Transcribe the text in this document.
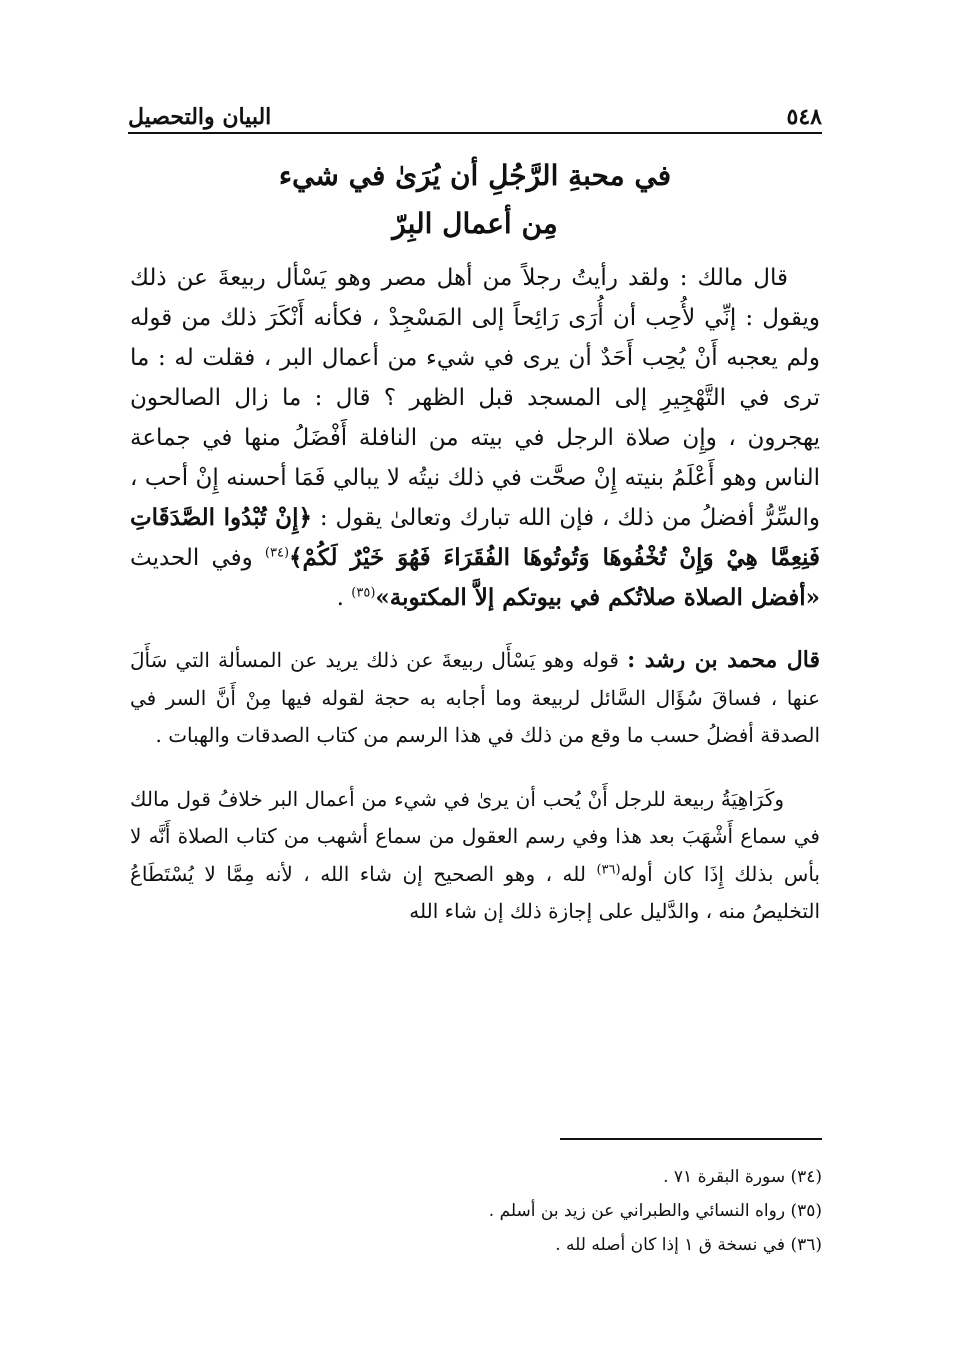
٥٤٨
البيان والتحصيل
في محبةِ الرَّجُلِ أن يُرَىٰ في شيء
مِن أعمال البِرّ

قال مالك : ولقد رأيتُ رجلاً من أهل مصر وهو يَسْأل ربيعةَ عن ذلك ويقول : إنِّي لأُحِب أن أُرَى رَائِحاً إلى المَسْجِدْ ، فكأنه أَنْكَرَ ذلك من قوله ولم يعجبه أَنْ يُحِب أَحَدٌ أن يرى في شيء من أعمال البر ، فقلت له : ما ترى في التَّهْجِيرِ إلى المسجد قبل الظهر ؟ قال : ما زال الصالحون يهجرون ، وإِن صلاة الرجل في بيته من النافلة أَفْضَلُ منها في جماعة الناس وهو أَعْلَمُ بنيته إِنْ صحَّت في ذلك نيتُه لا يبالي فَمَا أحسنه إِنْ أحب ، والسِّرُّ أفضلُ من ذلك ، فإن الله تبارك وتعالىٰ يقول : ﴿إِنْ تُبْدُوا الصَّدَقَاتِ فَنِعِمَّا هِيْ وَإِنْ تُخْفُوهَا وَتُوتُوهَا الفُقَرَاءَ فَهُوَ خَيْرٌ لَكُمْ﴾$^{(٣٤)}$ وفي الحديث «أفضل الصلاة صلاتُكم في بيوتكم إلاَّ المكتوبة»$^{(٣٥)}$ .

قال محمد بن رشد : قوله وهو يَسْأَل ربيعةَ عن ذلك يريد عن المسألة التي سَأَلَ عنها ، فساقَ سُؤَال السَّائل لربيعة وما أجابه به حجة لقوله فيها مِنْ أَنَّ السر في الصدقة أفضلُ حسب ما وقع من ذلك في هذا الرسم من كتاب الصدقات والهبات .

وكَرَاهِيَةُ ربيعة للرجل أَنْ يُحب أن يرىٰ في شيء من أعمال البر خلافُ قول مالك في سماع أَشْهَبَ بعد هذا وفي رسم العقول من سماع أشهب من كتاب الصلاة أَنَّه لا بأس بذلك إِذَا كان أوله$^{(٣٦)}$ لله ، وهو الصحيح إن شاء الله ، لأنه مِمَّا لا يُسْتَطَاعُ التخليصُ منه ، والدَّليل على إجازة ذلك إن شاء الله

(٣٤) سورة البقرة ٧١ .
(٣٥) رواه النسائي والطبراني عن زيد بن أسلم .
(٣٦) في نسخة ق ١ إذا كان أصله لله .
